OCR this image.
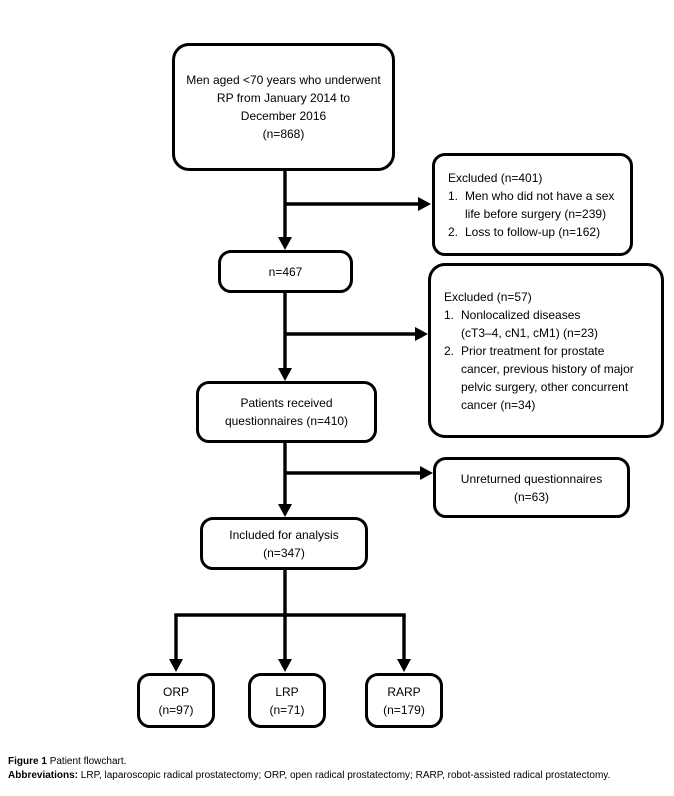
Men aged <70 years who underwent
RP from January 2014 to
December 2016
(n=868)
n=467
Patients received
questionnaires (n=410)
Included for analysis
(n=347)
ORP
(n=97)
LRP
(n=71)
RARP
(n=179)
Excluded (n=401)
1. Men who did not have a sex
life before surgery (n=239)
2. Loss to follow-up (n=162)
Excluded (n=57)
1. Nonlocalized diseases
(cT3–4, cN1, cM1) (n=23)
2. Prior treatment for prostate
cancer, previous history of major
pelvic surgery, other concurrent
cancer (n=34)
Unreturned questionnaires
(n=63)
Figure 1 Patient flowchart.
Abbreviations: LRP, laparoscopic radical prostatectomy; ORP, open radical prostatectomy; RARP, robot-assisted radical prostatectomy.
